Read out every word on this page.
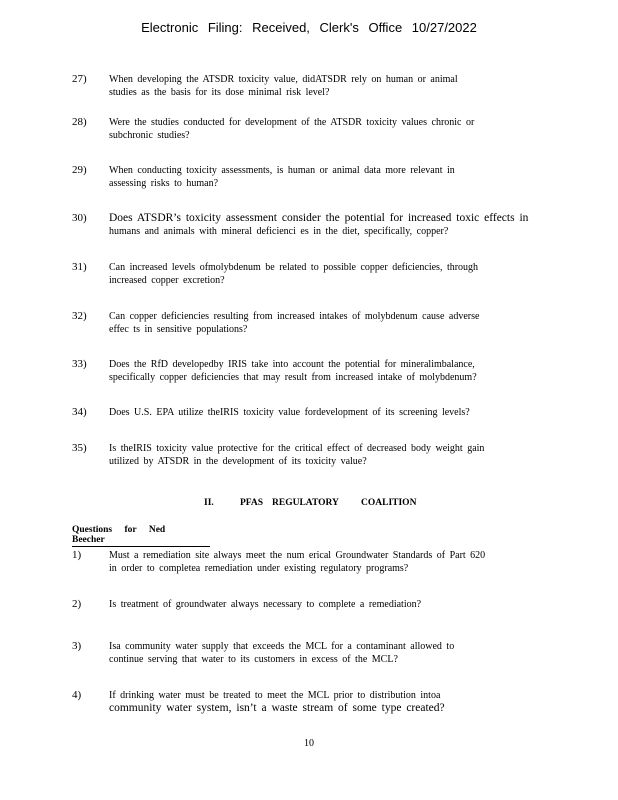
Electronic Filing: Received, Clerk's Office 10/27/2022
27) When developing the ATSDR toxicity value, didATSDR rely on human or animal
studies as the basis for its dose minimal risk level?
28) Were the studies conducted for development of the ATSDR toxicity values chronic or
subchronic studies?
29) When conducting toxicity assessments, is human or animal data more relevant in
assessing risks to human?
30) Does ATSDR’s toxicity assessment consider the potential for increased toxic effects in
humans and animals with mineral deficienci es in the diet, specifically, copper?
31) Can increased levels ofmolybdenum be related to possible copper deficiencies, through
increased copper excretion?
32) Can copper deficiencies resulting from increased intakes of molybdenum cause adverse
effec ts in sensitive populations?
33) Does the RfD developedby IRIS take into account the potential for mineralimbalance,
specifically copper deficiencies that may result from increased intake of molybdenum?
34) Does U.S. EPA utilize theIRIS toxicity value fordevelopment of its screening levels?
35) Is theIRIS toxicity value protective for the critical effect of decreased body weight gain
utilized by ATSDR in the development of its toxicity value?
II.	PFAS REGULATORY COALITION
Questions for Ned Beecher
1)	Must a remediation site always meet the num erical Groundwater Standards of Part 620
in order to completea remediation under existing regulatory programs?
2)	Is treatment of groundwater always necessary to complete a remediation?
3)	Isa community water supply that exceeds the MCL for a contaminant allowed to
continue serving that water to its customers in excess of the MCL?
4)	If drinking water must be treated to meet the MCL prior to distribution intoa
community water system, isn’t a waste stream of some type created?
10
